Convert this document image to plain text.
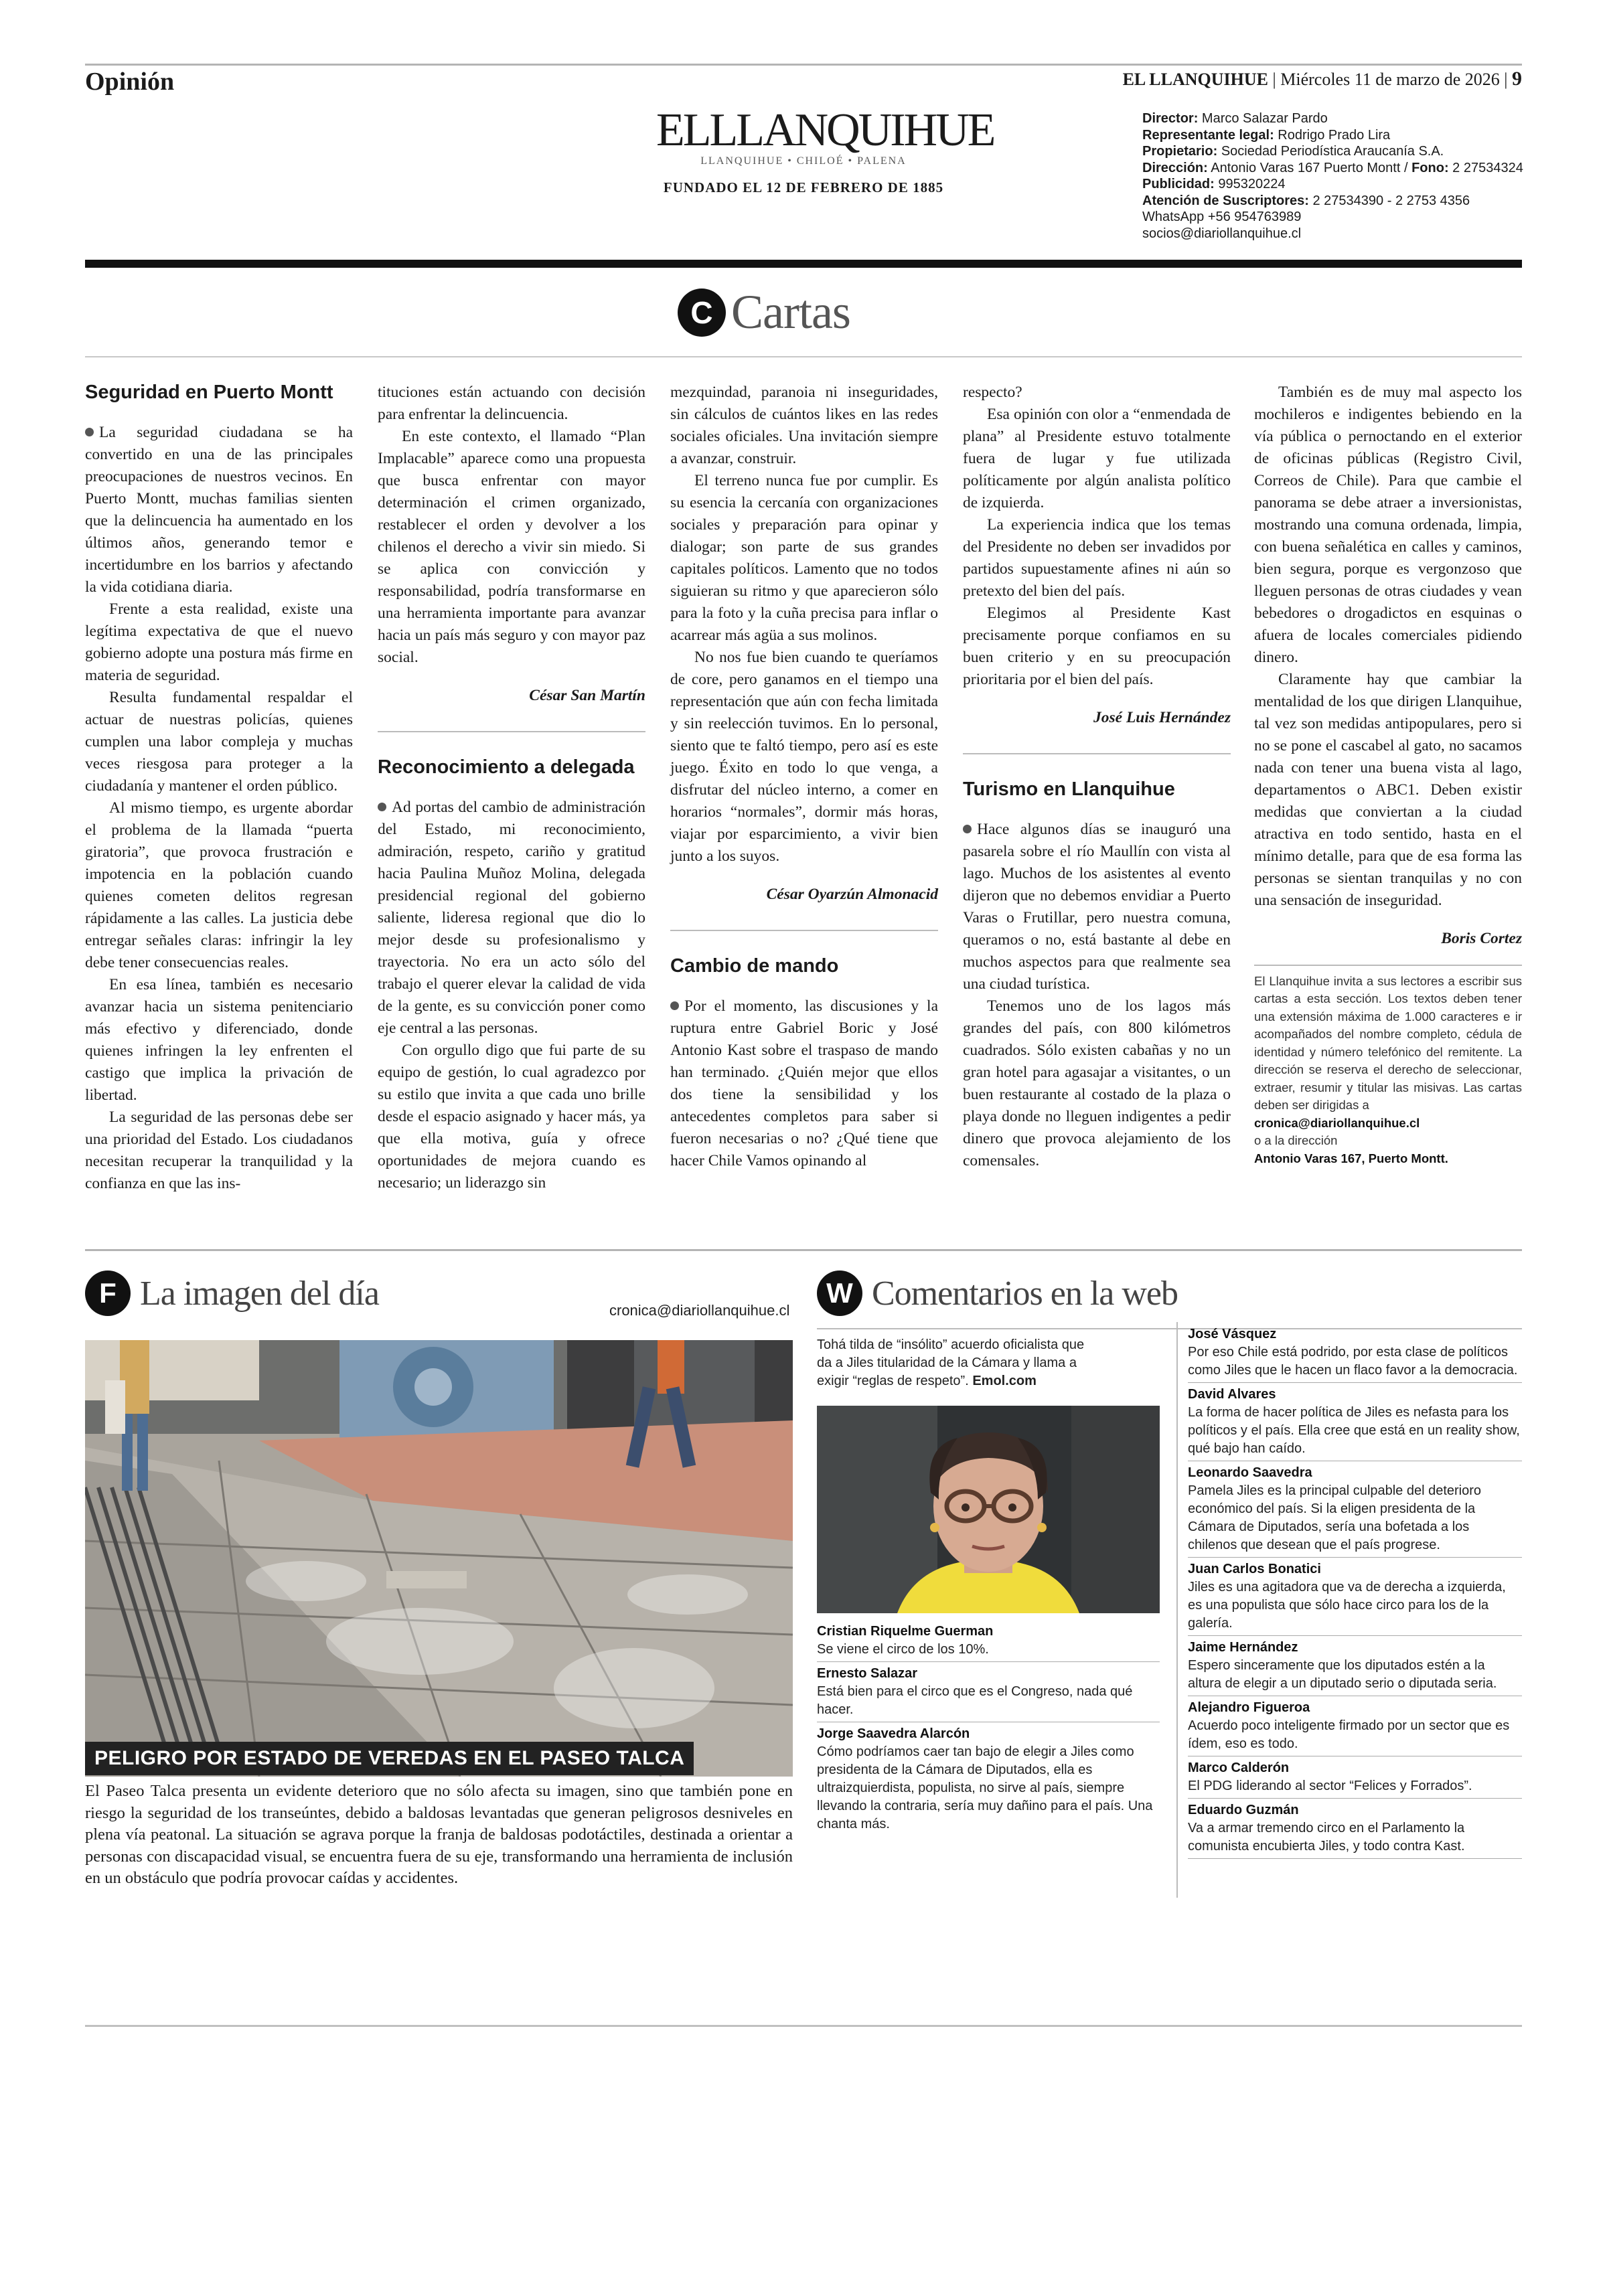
Opinión	EL LLANQUIHUE | Miércoles 11 de marzo de 2026 | 9
ELLLANQUIHUE
LLANQUIHUE • CHILOÉ • PALENA
FUNDADO EL 12 DE FEBRERO DE 1885
Director: Marco Salazar Pardo
Representante legal: Rodrigo Prado Lira
Propietario: Sociedad Periodística Araucanía S.A.
Dirección: Antonio Varas 167 Puerto Montt / Fono: 2 27534324
Publicidad: 995320224
Atención de Suscriptores: 2 27534390 - 2 2753 4356
WhatsApp +56 954763989
socios@diariollanquihue.cl
C Cartas
Seguridad en Puerto Montt

La seguridad ciudadana se ha convertido en una de las principales preocupaciones de nuestros vecinos. En Puerto Montt, muchas familias sienten que la delincuencia ha aumentado en los últimos años, generando temor e incertidumbre en los barrios y afectando la vida cotidiana diaria.

Frente a esta realidad, existe una legítima expectativa de que el nuevo gobierno adopte una postura más firme en materia de seguridad.

Resulta fundamental respaldar el actuar de nuestras policías, quienes cumplen una labor compleja y muchas veces riesgosa para proteger a la ciudadanía y mantener el orden público.

Al mismo tiempo, es urgente abordar el problema de la llamada “puerta giratoria”, que provoca frustración e impotencia en la población cuando quienes cometen delitos regresan rápidamente a las calles. La justicia debe entregar señales claras: infringir la ley debe tener consecuencias reales.

En esa línea, también es necesario avanzar hacia un sistema penitenciario más efectivo y diferenciado, donde quienes infringen la ley enfrenten el castigo que implica la privación de libertad.

La seguridad de las personas debe ser una prioridad del Estado. Los ciudadanos necesitan recuperar la tranquilidad y la confianza en que las ins-

tituciones están actuando con decisión para enfrentar la delincuencia.

En este contexto, el llamado “Plan Implacable” aparece como una propuesta que busca enfrentar con mayor determinación el crimen organizado, restablecer el orden y devolver a los chilenos el derecho a vivir sin miedo. Si se aplica con convicción y responsabilidad, podría transformarse en una herramienta importante para avanzar hacia un país más seguro y con mayor paz social.

César San Martín

Reconocimiento a delegada

Ad portas del cambio de administración del Estado, mi reconocimiento, admiración, respeto, cariño y gratitud hacia Paulina Muñoz Molina, delegada presidencial regional del gobierno saliente, lideresa regional que dio lo mejor desde su profesionalismo y trayectoria. No era un acto sólo del trabajo el querer elevar la calidad de vida de la gente, es su convicción poner como eje central a las personas.

Con orgullo digo que fui parte de su equipo de gestión, lo cual agradezco por su estilo que invita a que cada uno brille desde el espacio asignado y hacer más, ya que ella motiva, guía y ofrece oportunidades de mejora cuando es necesario; un liderazgo sin

mezquindad, paranoia ni inseguridades, sin cálculos de cuántos likes en las redes sociales oficiales. Una invitación siempre a avanzar, construir.

El terreno nunca fue por cumplir. Es su esencia la cercanía con organizaciones sociales y preparación para opinar y dialogar; son parte de sus grandes capitales políticos. Lamento que no todos siguieran su ritmo y que aparecieron sólo para la foto y la cuña precisa para inflar o acarrear más agüa a sus molinos.

No nos fue bien cuando te queríamos de core, pero ganamos en el tiempo una representación que aún con fecha limitada y sin reelección tuvimos. En lo personal, siento que te faltó tiempo, pero así es este juego. Éxito en todo lo que venga, a disfrutar del núcleo interno, a comer en horarios “normales”, dormir más horas, viajar por esparcimiento, a vivir bien junto a los suyos.

César Oyarzún Almonacid

Cambio de mando

Por el momento, las discusiones y la ruptura entre Gabriel Boric y José Antonio Kast sobre el traspaso de mando han terminado. ¿Quién mejor que ellos dos tiene la sensibilidad y los antecedentes completos para saber si fueron necesarias o no? ¿Qué tiene que hacer Chile Vamos opinando al

respecto?

Esa opinión con olor a “enmendada de plana” al Presidente estuvo totalmente fuera de lugar y fue utilizada políticamente por algún analista político de izquierda.

La experiencia indica que los temas del Presidente no deben ser invadidos por partidos supuestamente afines ni aún so pretexto del bien del país.

Elegimos al Presidente Kast precisamente porque confiamos en su buen criterio y en su preocupación prioritaria por el bien del país.

José Luis Hernández

Turismo en Llanquihue

Hace algunos días se inauguró una pasarela sobre el río Maullín con vista al lago. Muchos de los asistentes al evento dijeron que no debemos envidiar a Puerto Varas o Frutillar, pero nuestra comuna, queramos o no, está bastante al debe en muchos aspectos para que realmente sea una ciudad turística.

Tenemos uno de los lagos más grandes del país, con 800 kilómetros cuadrados. Sólo existen cabañas y no un gran hotel para agasajar a visitantes, o un buen restaurante al costado de la plaza o playa donde no lleguen indigentes a pedir dinero que provoca alejamiento de los comensales.

También es de muy mal aspecto los mochileros e indigentes bebiendo en la vía pública o pernoctando en el exterior de oficinas públicas (Registro Civil, Correos de Chile). Para que cambie el panorama se debe atraer a inversionistas, mostrando una comuna ordenada, limpia, con buena señalética en calles y caminos, bien segura, porque es vergonzoso que lleguen personas de otras ciudades y vean bebedores o drogadictos en esquinas o afuera de locales comerciales pidiendo dinero.

Claramente hay que cambiar la mentalidad de los que dirigen Llanquihue, tal vez son medidas antipopulares, pero si no se pone el cascabel al gato, no sacamos nada con tener una buena vista al lago, departamentos o ABC1. Deben existir medidas que conviertan a la ciudad atractiva en todo sentido, hasta en el mínimo detalle, para que de esa forma las personas se sientan tranquilas y no con una sensación de inseguridad.

Boris Cortez

El Llanquihue invita a sus lectores a escribir sus cartas a esta sección. Los textos deben tener una extensión máxima de 1.000 caracteres e ir acompañados del nombre completo, cédula de identidad y número telefónico del remitente. La dirección se reserva el derecho de seleccionar, extraer, resumir y titular las misivas. Las cartas deben ser dirigidas a
cronica@diariollanquihue.cl
o a la dirección
Antonio Varas 167, Puerto Montt.
F La imagen del día	cronica@diariollanquihue.cl
PELIGRO POR ESTADO DE VEREDAS EN EL PASEO TALCA
El Paseo Talca presenta un evidente deterioro que no sólo afecta su imagen, sino que también pone en riesgo la seguridad de los transeúntes, debido a baldosas levantadas que generan peligrosos desniveles en plena vía peatonal. La situación se agrava porque la franja de baldosas podotáctiles, destinada a orientar a personas con discapacidad visual, se encuentra fuera de su eje, transformando una herramienta de inclusión en un obstáculo que podría provocar caídas y accidentes.
W Comentarios en la web
Tohá tilda de “insólito” acuerdo oficialista que da a Jiles titularidad de la Cámara y llama a exigir “reglas de respeto”. Emol.com
Cristian Riquelme Guerman
Se viene el circo de los 10%.
Ernesto Salazar
Está bien para el circo que es el Congreso, nada qué hacer.
Jorge Saavedra Alarcón
Cómo podríamos caer tan bajo de elegir a Jiles como presidenta de la Cámara de Diputados, ella es ultraizquierdista, populista, no sirve al país, siempre llevando la contraria, sería muy dañino para el país. Una chanta más.
José Vásquez
Por eso Chile está podrido, por esta clase de políticos como Jiles que le hacen un flaco favor a la democracia.
David Alvares
La forma de hacer política de Jiles es nefasta para los políticos y el país. Ella cree que está en un reality show, qué bajo han caído.
Leonardo Saavedra
Pamela Jiles es la principal culpable del deterioro económico del país. Si la eligen presidenta de la Cámara de Diputados, sería una bofetada a los chilenos que desean que el país progrese.
Juan Carlos Bonatici
Jiles es una agitadora que va de derecha a izquierda, es una populista que sólo hace circo para los de la galería.
Jaime Hernández
Espero sinceramente que los diputados estén a la altura de elegir a un diputado serio o diputada seria.
Alejandro Figueroa
Acuerdo poco inteligente firmado por un sector que es ídem, eso es todo.
Marco Calderón
El PDG liderando al sector “Felices y Forrados”.
Eduardo Guzmán
Va a armar tremendo circo en el Parlamento la comunista encubierta Jiles, y todo contra Kast.
